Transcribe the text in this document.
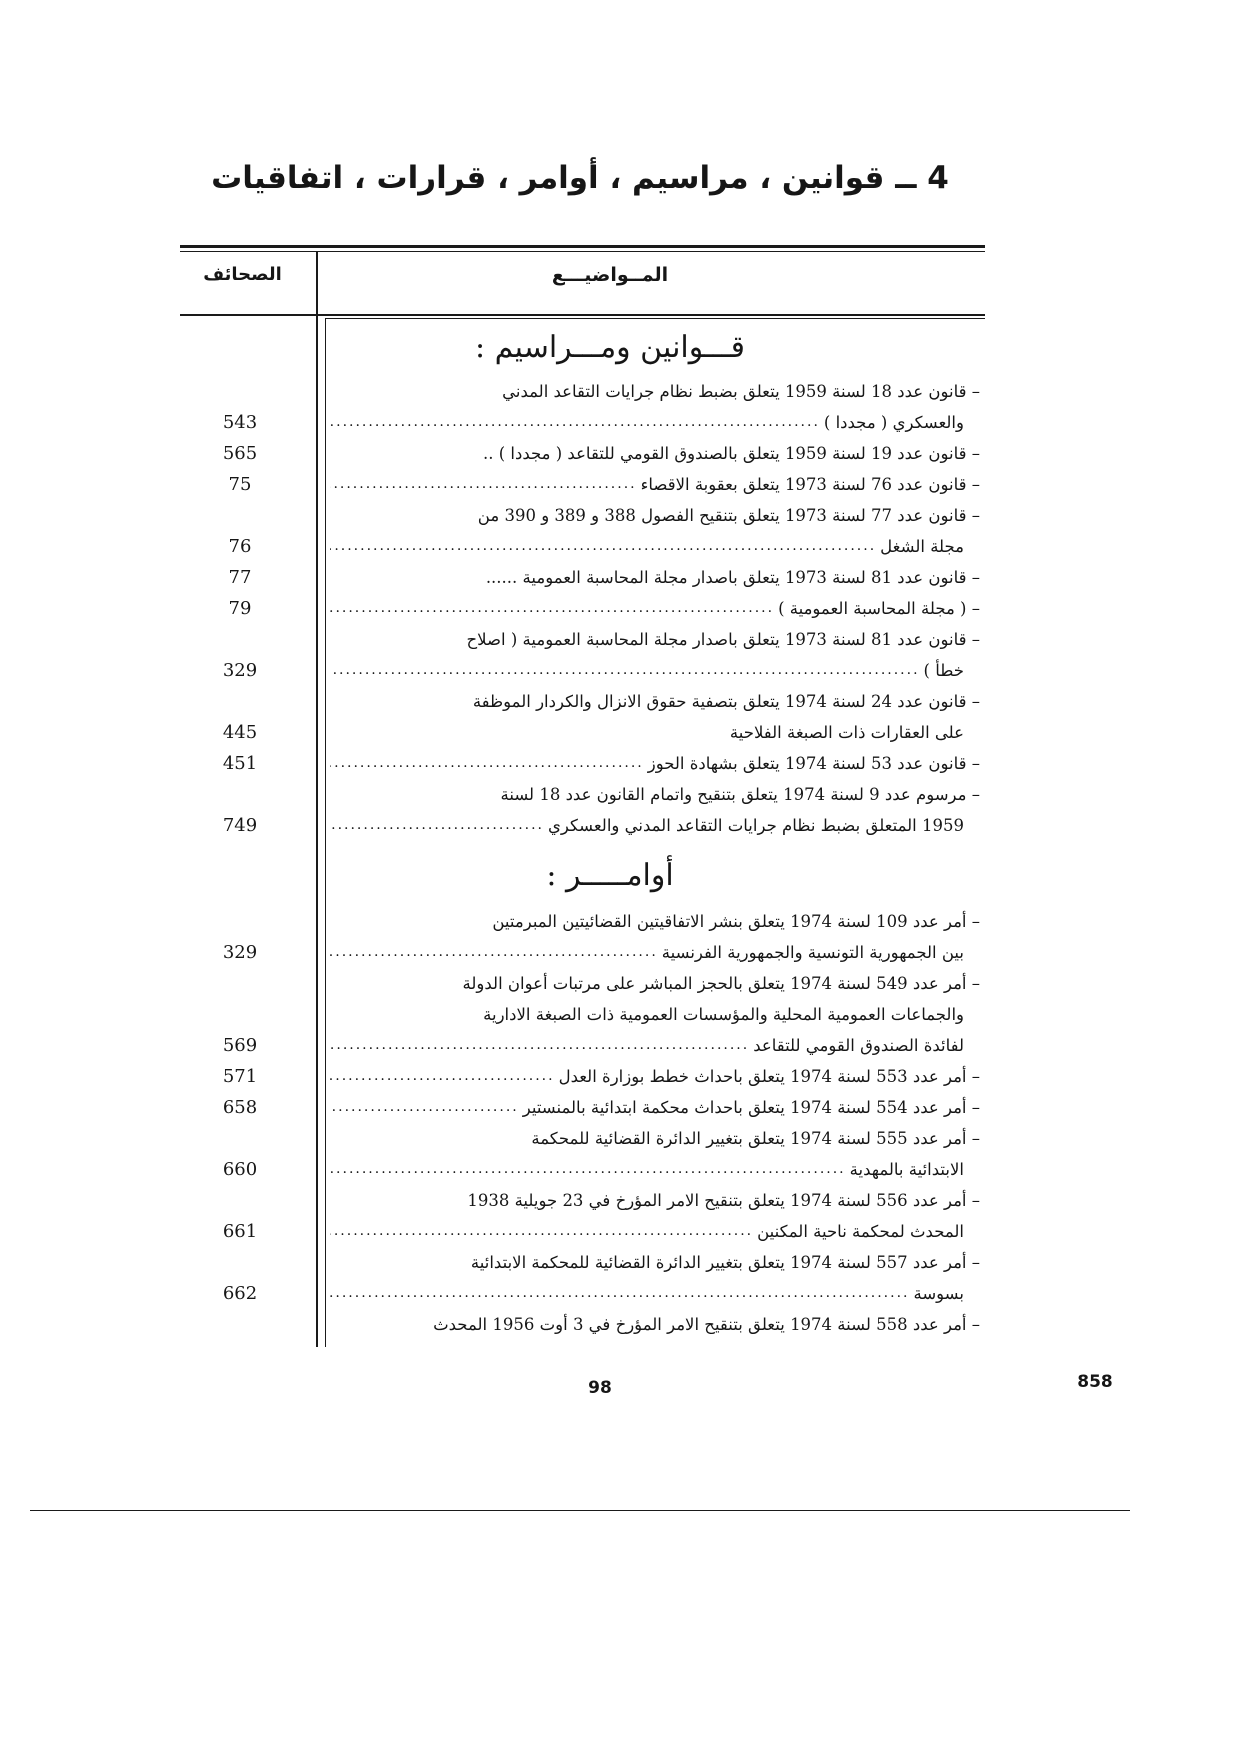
4 ــ قوانين ، مراسيم ، أوامر ، قرارات ، اتفاقيات
المــواضيـــع
الصحائف
قـــوانين ومـــراسيم :
– قانون عدد 18 لسنة 1959 يتعلق بضبط نظام جرايات التقاعد المدني
والعسكري ( مجددا )
.....
543
– قانون عدد 19 لسنة 1959 يتعلق بالصندوق القومي للتقاعد ( مجددا ) ..
565
– قانون عدد 76 لسنة 1973 يتعلق بعقوبة الاقصاء
.....
75
– قانون عدد 77 لسنة 1973 يتعلق بتنقيح الفصول 388 و 389 و 390 من
مجلة الشغل
.....
76
– قانون عدد 81 لسنة 1973 يتعلق باصدار مجلة المحاسبة العمومية ......
77
– ( مجلة المحاسبة العمومية )
.....
79
– قانون عدد 81 لسنة 1973 يتعلق باصدار مجلة المحاسبة العمومية ( اصلاح
خطأ )
.....
329
– قانون عدد 24 لسنة 1974 يتعلق بتصفية حقوق الانزال والكردار الموظفة
على العقارات ذات الصبغة الفلاحية
445
– قانون عدد 53 لسنة 1974 يتعلق بشهادة الحوز
.....
451
– مرسوم عدد 9 لسنة 1974 يتعلق بتنقيح واتمام القانون عدد 18 لسنة
1959 المتعلق بضبط نظام جرايات التقاعد المدني والعسكري
.....
749
أوامـــــر :
– أمر عدد 109 لسنة 1974 يتعلق بنشر الاتفاقيتين القضائيتين المبرمتين
بين الجمهورية التونسية والجمهورية الفرنسية
.....
329
– أمر عدد 549 لسنة 1974 يتعلق بالحجز المباشر على مرتبات أعوان الدولة
والجماعات العمومية المحلية والمؤسسات العمومية ذات الصبغة الادارية
لفائدة الصندوق القومي للتقاعد
.....
569
– أمر عدد 553 لسنة 1974 يتعلق باحداث خطط بوزارة العدل
.....
571
– أمر عدد 554 لسنة 1974 يتعلق باحداث محكمة ابتدائية بالمنستير
.....
658
– أمر عدد 555 لسنة 1974 يتعلق بتغيير الدائرة القضائية للمحكمة
الابتدائية بالمهدية
.....
660
– أمر عدد 556 لسنة 1974 يتعلق بتنقيح الامر المؤرخ في 23 جويلية 1938
المحدث لمحكمة ناحية المكنين
.....
661
– أمر عدد 557 لسنة 1974 يتعلق بتغيير الدائرة القضائية للمحكمة الابتدائية
بسوسة
.....
662
– أمر عدد 558 لسنة 1974 يتعلق بتنقيح الامر المؤرخ في 3 أوت 1956 المحدث
98	858
